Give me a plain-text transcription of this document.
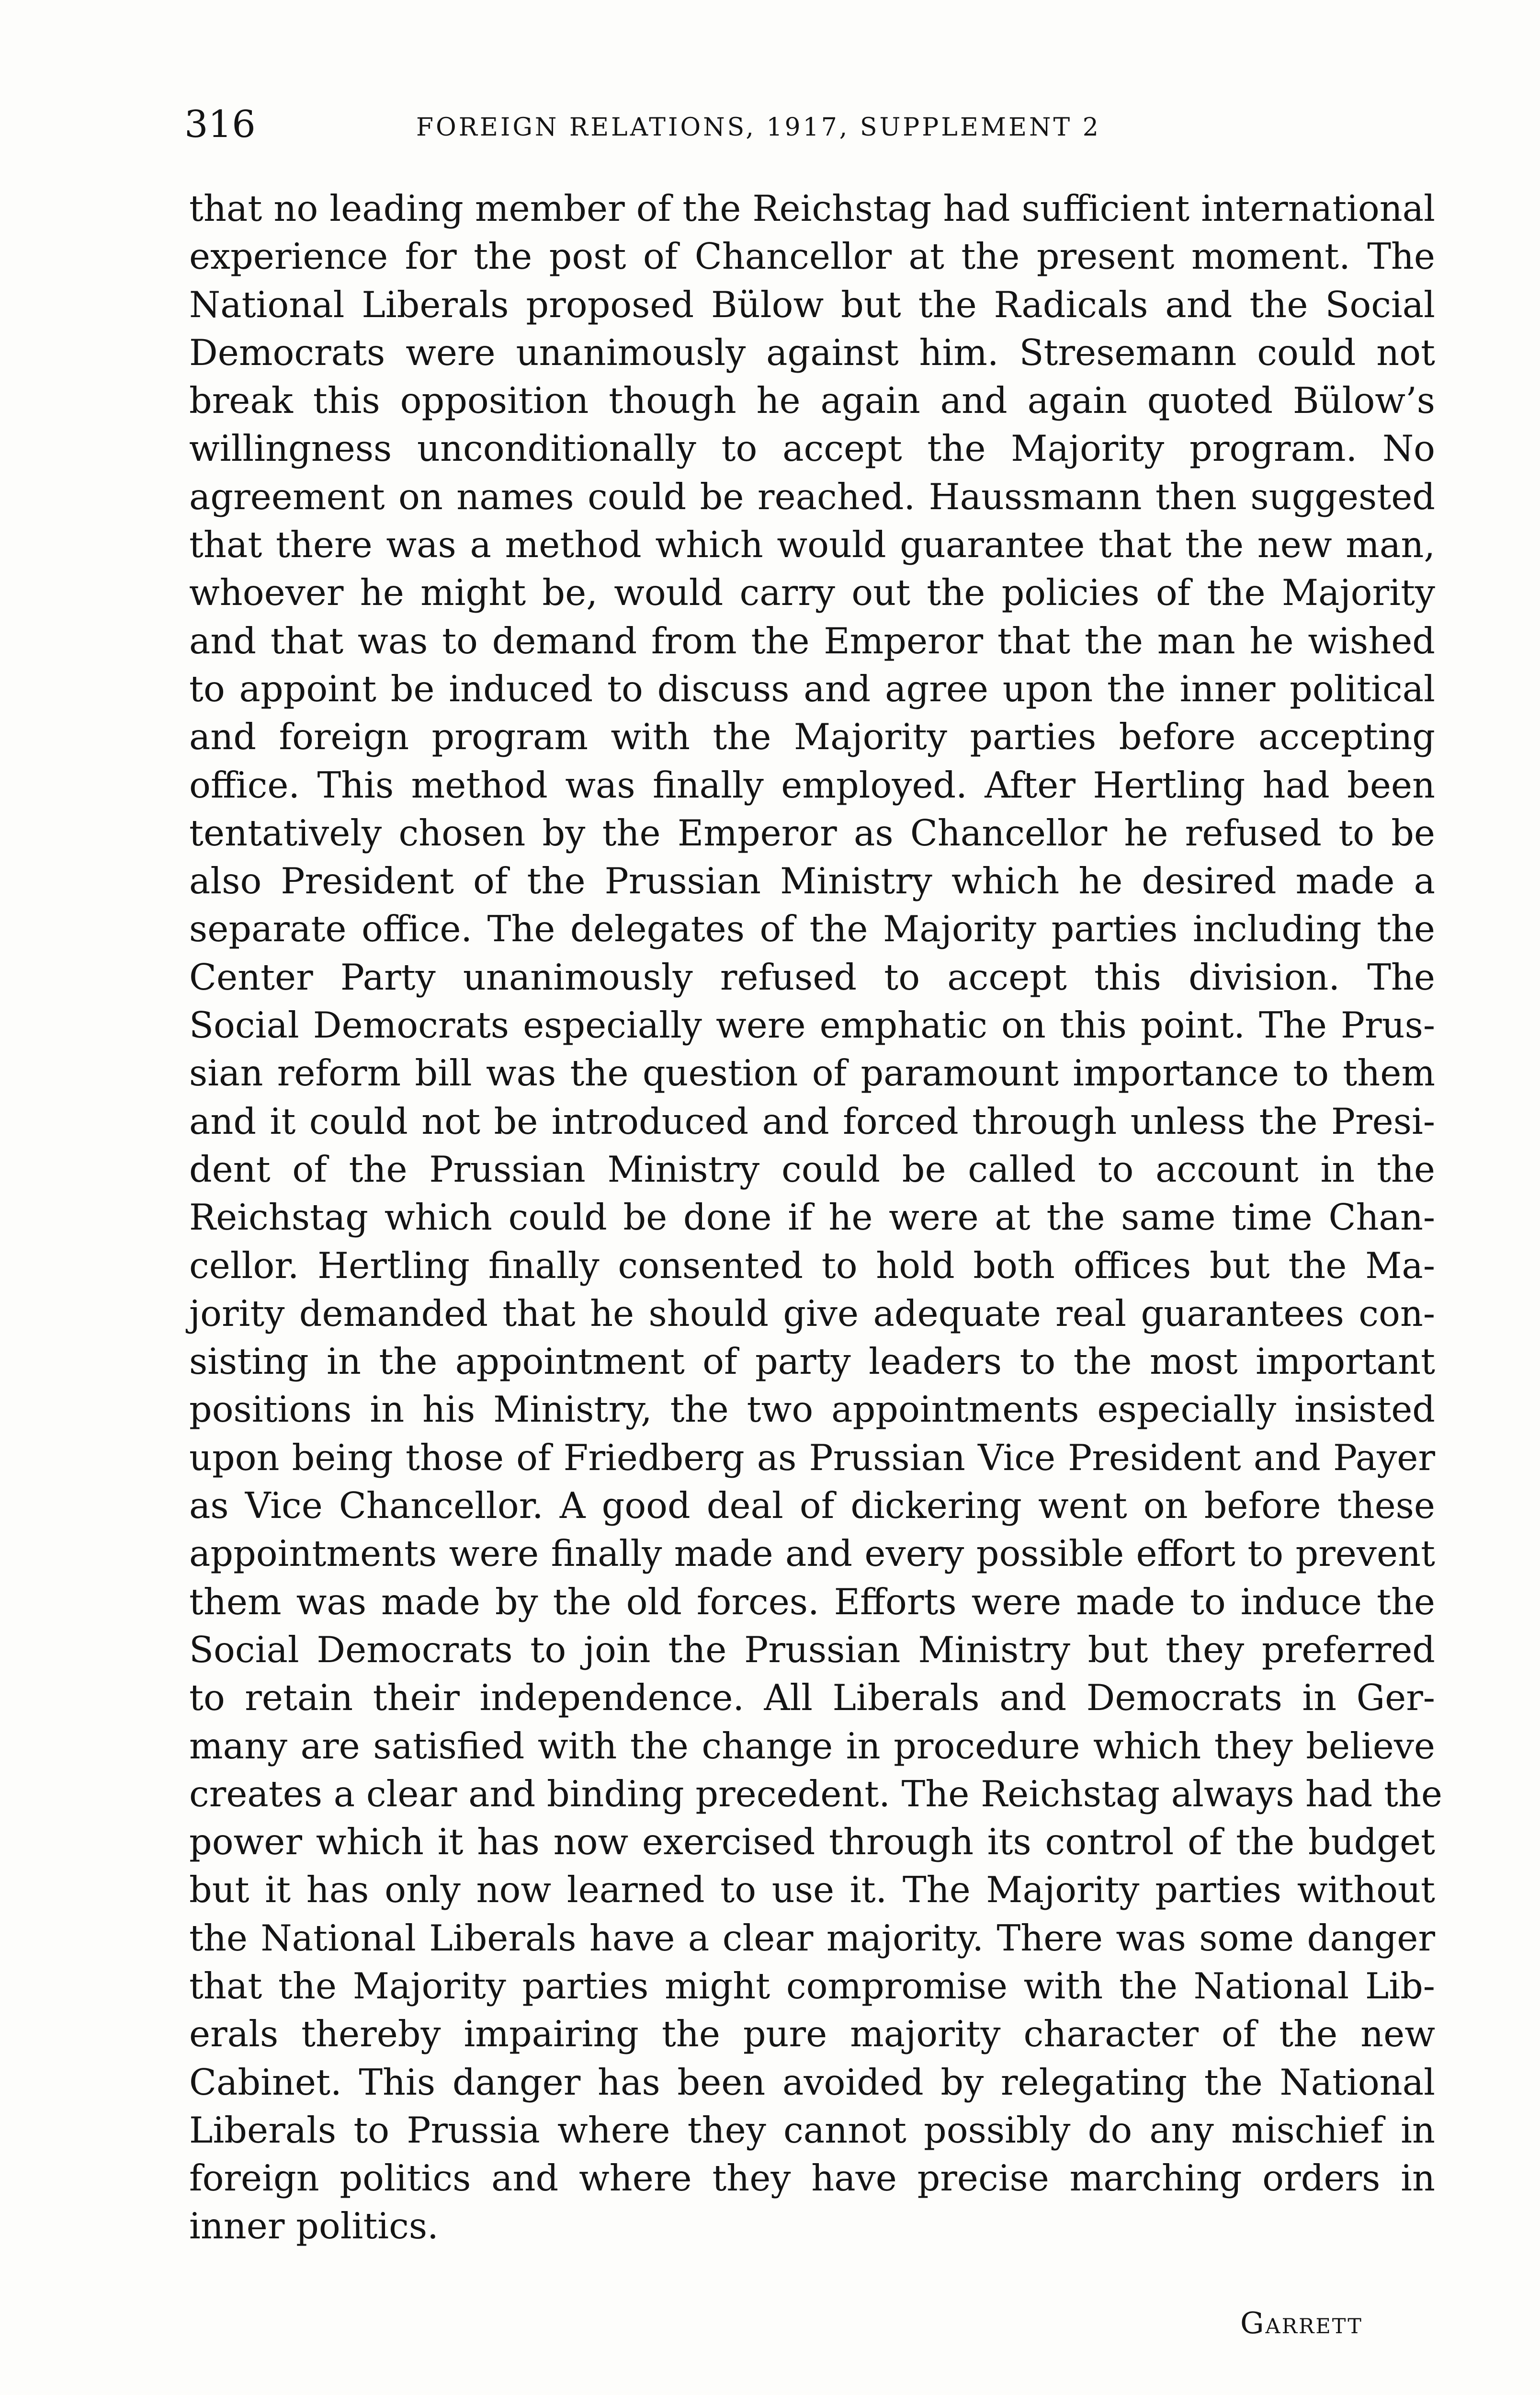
316	FOREIGN RELATIONS, 1917, SUPPLEMENT 2
that no leading member of the Reichstag had sufficient international
experience for the post of Chancellor at the present moment. The
National Liberals proposed Bülow but the Radicals and the Social
Democrats were unanimously against him. Stresemann could not
break this opposition though he again and again quoted Bülow’s
willingness unconditionally to accept the Majority program. No
agreement on names could be reached. Haussmann then suggested
that there was a method which would guarantee that the new man,
whoever he might be, would carry out the policies of the Majority
and that was to demand from the Emperor that the man he wished
to appoint be induced to discuss and agree upon the inner political
and foreign program with the Majority parties before accepting
office. This method was finally employed. After Hertling had been
tentatively chosen by the Emperor as Chancellor he refused to be
also President of the Prussian Ministry which he desired made a
separate office. The delegates of the Majority parties including the
Center Party unanimously refused to accept this division. The
Social Democrats especially were emphatic on this point. The Prus-
sian reform bill was the question of paramount importance to them
and it could not be introduced and forced through unless the Presi-
dent of the Prussian Ministry could be called to account in the
Reichstag which could be done if he were at the same time Chan-
cellor. Hertling finally consented to hold both offices but the Ma-
jority demanded that he should give adequate real guarantees con-
sisting in the appointment of party leaders to the most important
positions in his Ministry, the two appointments especially insisted
upon being those of Friedberg as Prussian Vice President and Payer
as Vice Chancellor. A good deal of dickering went on before these
appointments were finally made and every possible effort to prevent
them was made by the old forces. Efforts were made to induce the
Social Democrats to join the Prussian Ministry but they preferred
to retain their independence. All Liberals and Democrats in Ger-
many are satisfied with the change in procedure which they believe
creates a clear and binding precedent. The Reichstag always had the
power which it has now exercised through its control of the budget
but it has only now learned to use it. The Majority parties without
the National Liberals have a clear majority. There was some danger
that the Majority parties might compromise with the National Lib-
erals thereby impairing the pure majority character of the new
Cabinet. This danger has been avoided by relegating the National
Liberals to Prussia where they cannot possibly do any mischief in
foreign politics and where they have precise marching orders in
inner politics.
Garrett
